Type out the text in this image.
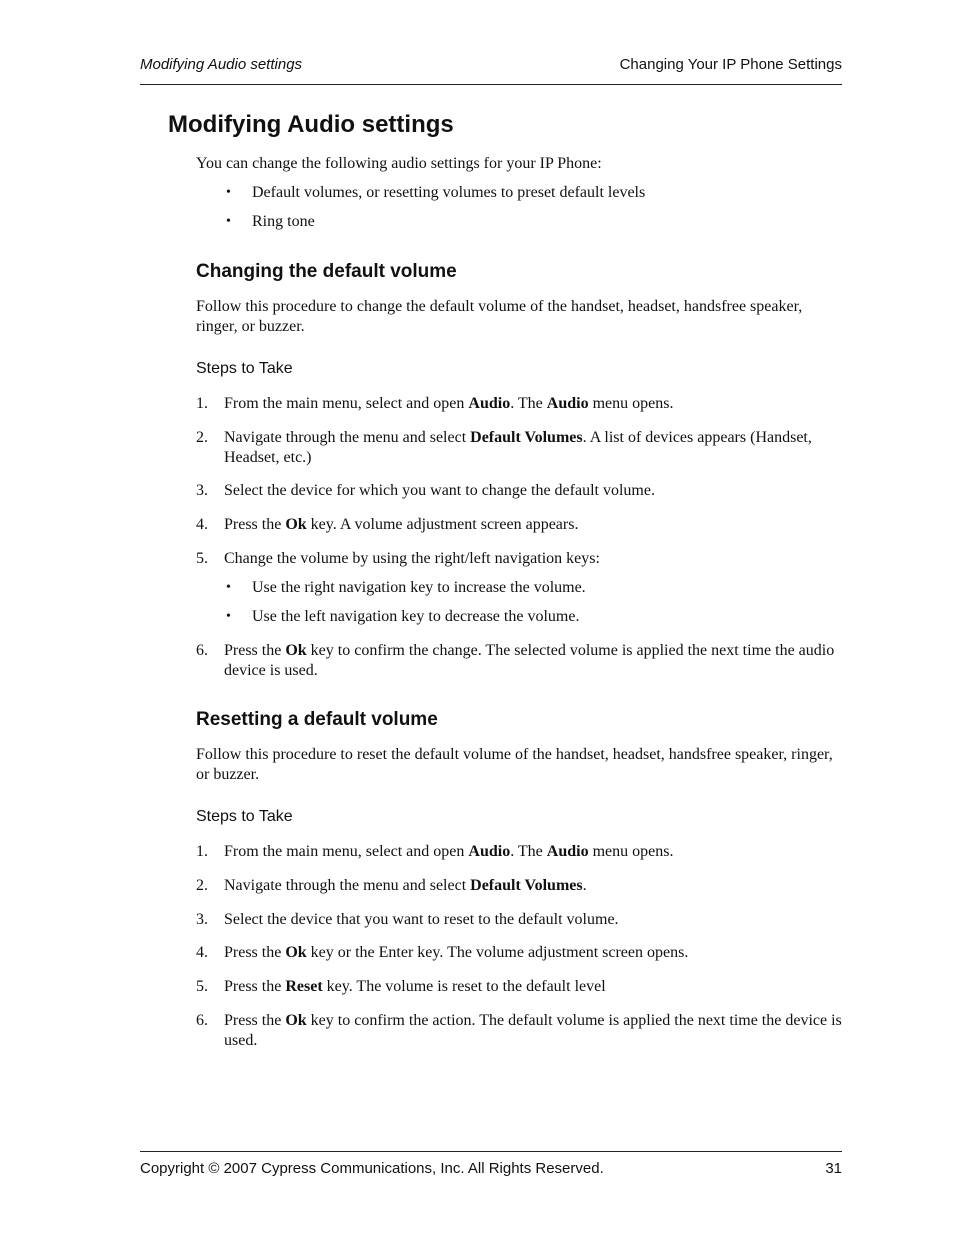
Modifying Audio settings	Changing Your IP Phone Settings
Modifying Audio settings

You can change the following audio settings for your IP Phone:

• Default volumes, or resetting volumes to preset default levels
• Ring tone
Changing the default volume

Follow this procedure to change the default volume of the handset, headset, handsfree speaker, ringer, or buzzer.

Steps to Take
1. From the main menu, select and open Audio. The Audio menu opens.
2. Navigate through the menu and select Default Volumes. A list of devices appears (Handset, Headset, etc.)
3. Select the device for which you want to change the default volume.
4. Press the Ok key. A volume adjustment screen appears.
5. Change the volume by using the right/left navigation keys:
• Use the right navigation key to increase the volume.
• Use the left navigation key to decrease the volume.
6. Press the Ok key to confirm the change. The selected volume is applied the next time the audio device is used.
Resetting a default volume

Follow this procedure to reset the default volume of the handset, headset, handsfree speaker, ringer, or buzzer.

Steps to Take
1. From the main menu, select and open Audio. The Audio menu opens.
2. Navigate through the menu and select Default Volumes.
3. Select the device that you want to reset to the default volume.
4. Press the Ok key or the Enter key. The volume adjustment screen opens.
5. Press the Reset key. The volume is reset to the default level
6. Press the Ok key to confirm the action. The default volume is applied the next time the device is used.
Copyright © 2007 Cypress Communications, Inc. All Rights Reserved.	31
